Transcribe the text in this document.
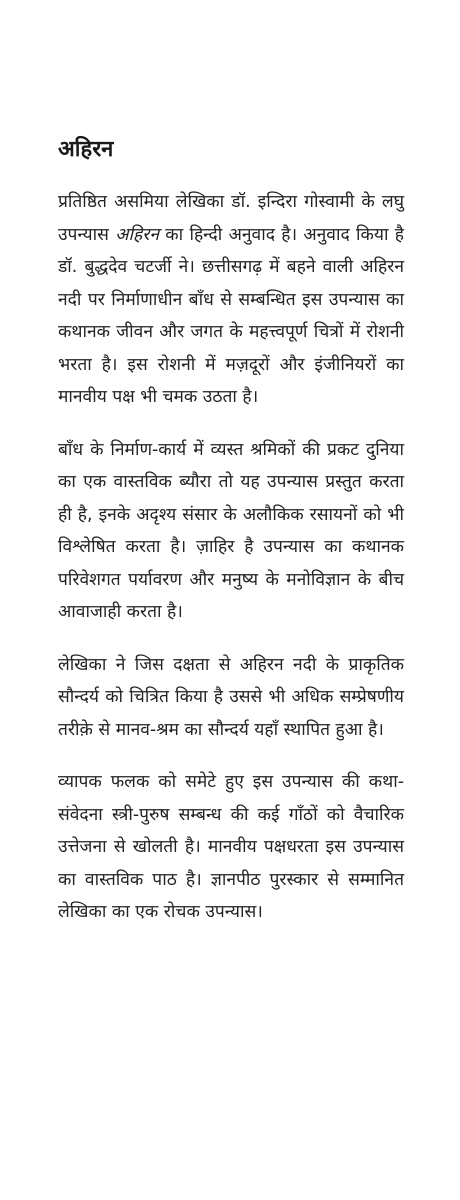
अहिरन

प्रतिष्ठित असमिया लेखिका डॉ. इन्दिरा गोस्वामी के लघु उपन्यास अहिरन का हिन्दी अनुवाद है। अनुवाद किया है डॉ. बुद्धदेव चटर्जी ने। छत्तीसगढ़ में बहने वाली अहिरन नदी पर निर्माणाधीन बाँध से सम्बन्धित इस उपन्यास का कथानक जीवन और जगत के महत्त्वपूर्ण चित्रों में रोशनी भरता है। इस रोशनी में मज़दूरों और इंजीनियरों का मानवीय पक्ष भी चमक उठता है।

बाँध के निर्माण-कार्य में व्यस्त श्रमिकों की प्रकट दुनिया का एक वास्तविक ब्यौरा तो यह उपन्यास प्रस्तुत करता ही है, इनके अदृश्य संसार के अलौकिक रसायनों को भी विश्लेषित करता है। ज़ाहिर है उपन्यास का कथानक परिवेशगत पर्यावरण और मनुष्य के मनोविज्ञान के बीच आवाजाही करता है।

लेखिका ने जिस दक्षता से अहिरन नदी के प्राकृतिक सौन्दर्य को चित्रित किया है उससे भी अधिक सम्प्रेषणीय तरीक़े से मानव-श्रम का सौन्दर्य यहाँ स्थापित हुआ है।

व्यापक फलक को समेटे हुए इस उपन्यास की कथा-संवेदना स्त्री-पुरुष सम्बन्ध की कई गाँठों को वैचारिक उत्तेजना से खोलती है। मानवीय पक्षधरता इस उपन्यास का वास्तविक पाठ है। ज्ञानपीठ पुरस्कार से सम्मानित लेखिका का एक रोचक उपन्यास।
